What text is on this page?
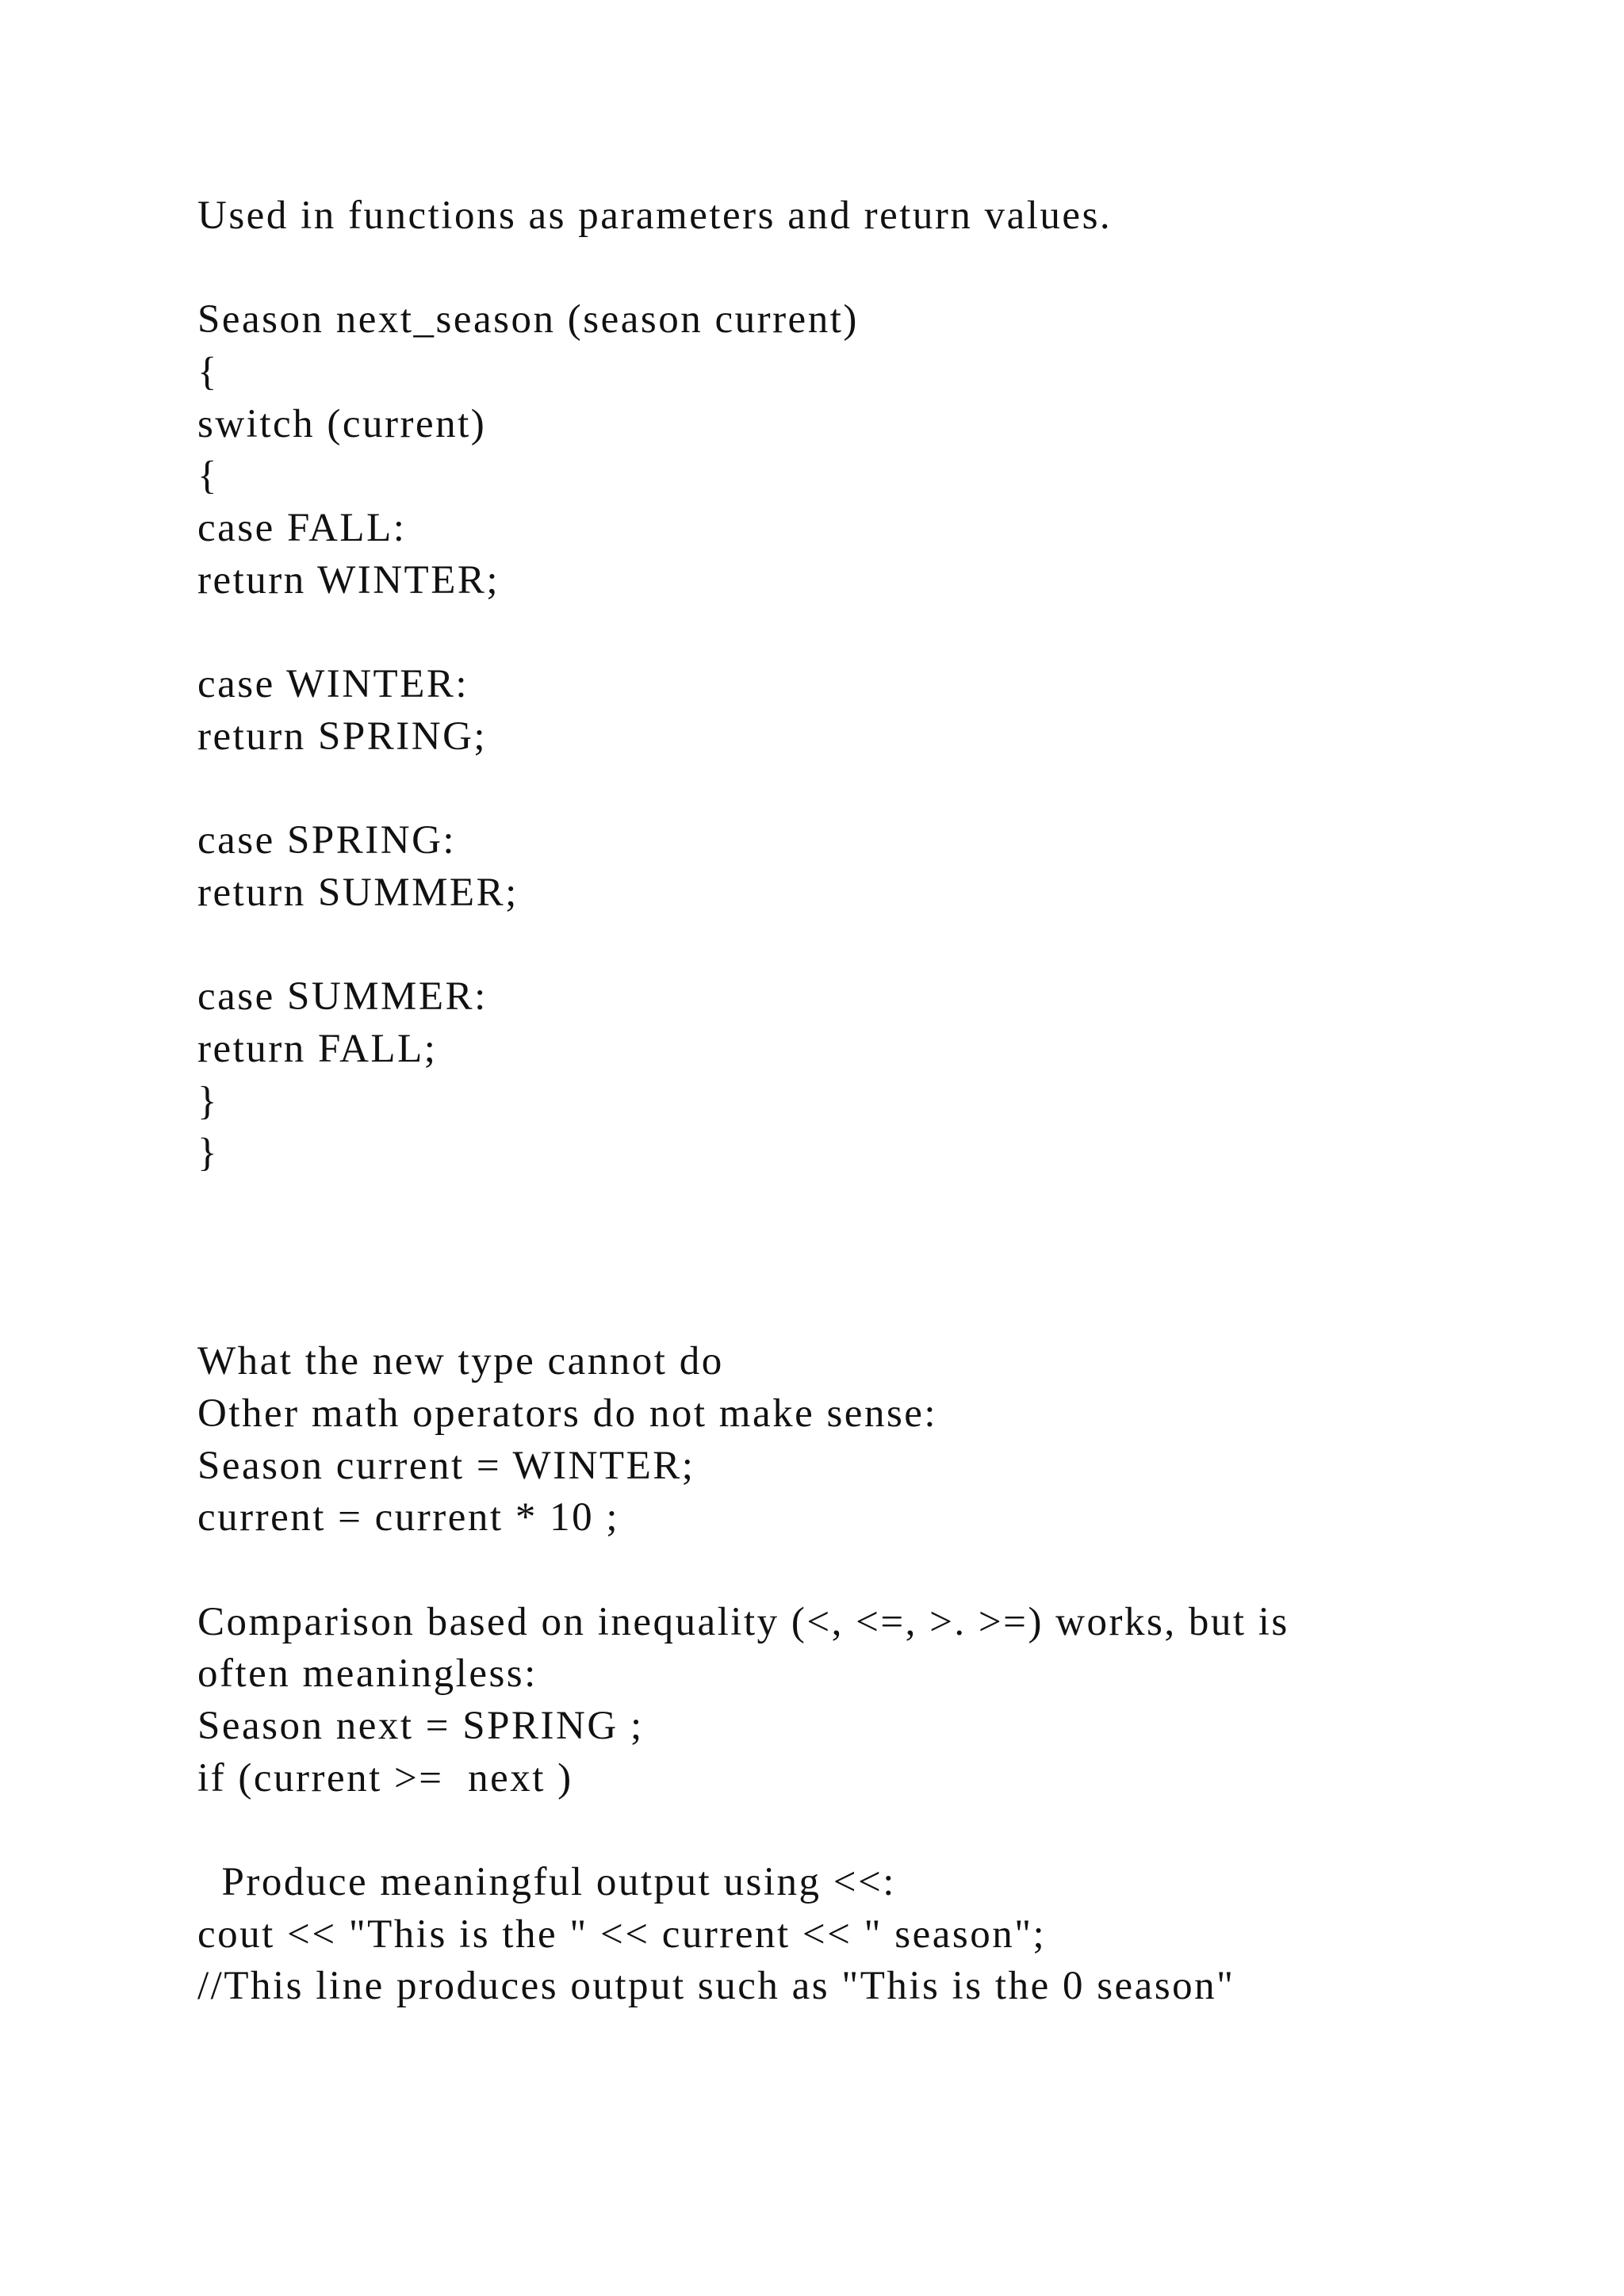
Used in functions as parameters and return values.
Season next_season (season current)
{
switch (current)
{
case FALL:
return WINTER;
case WINTER:
return SPRING;
case SPRING:
return SUMMER;
case SUMMER:
return FALL;
}
}
What the new type cannot do
Other math operators do not make sense:
Season current = WINTER;
current = current * 10 ;
Comparison based on inequality (<, <=, >. >=) works, but is
often meaningless:
Season next = SPRING ;
if (current >=  next )
Produce meaningful output using <<:
cout << "This is the " << current << " season";
//This line produces output such as "This is the 0 season"
